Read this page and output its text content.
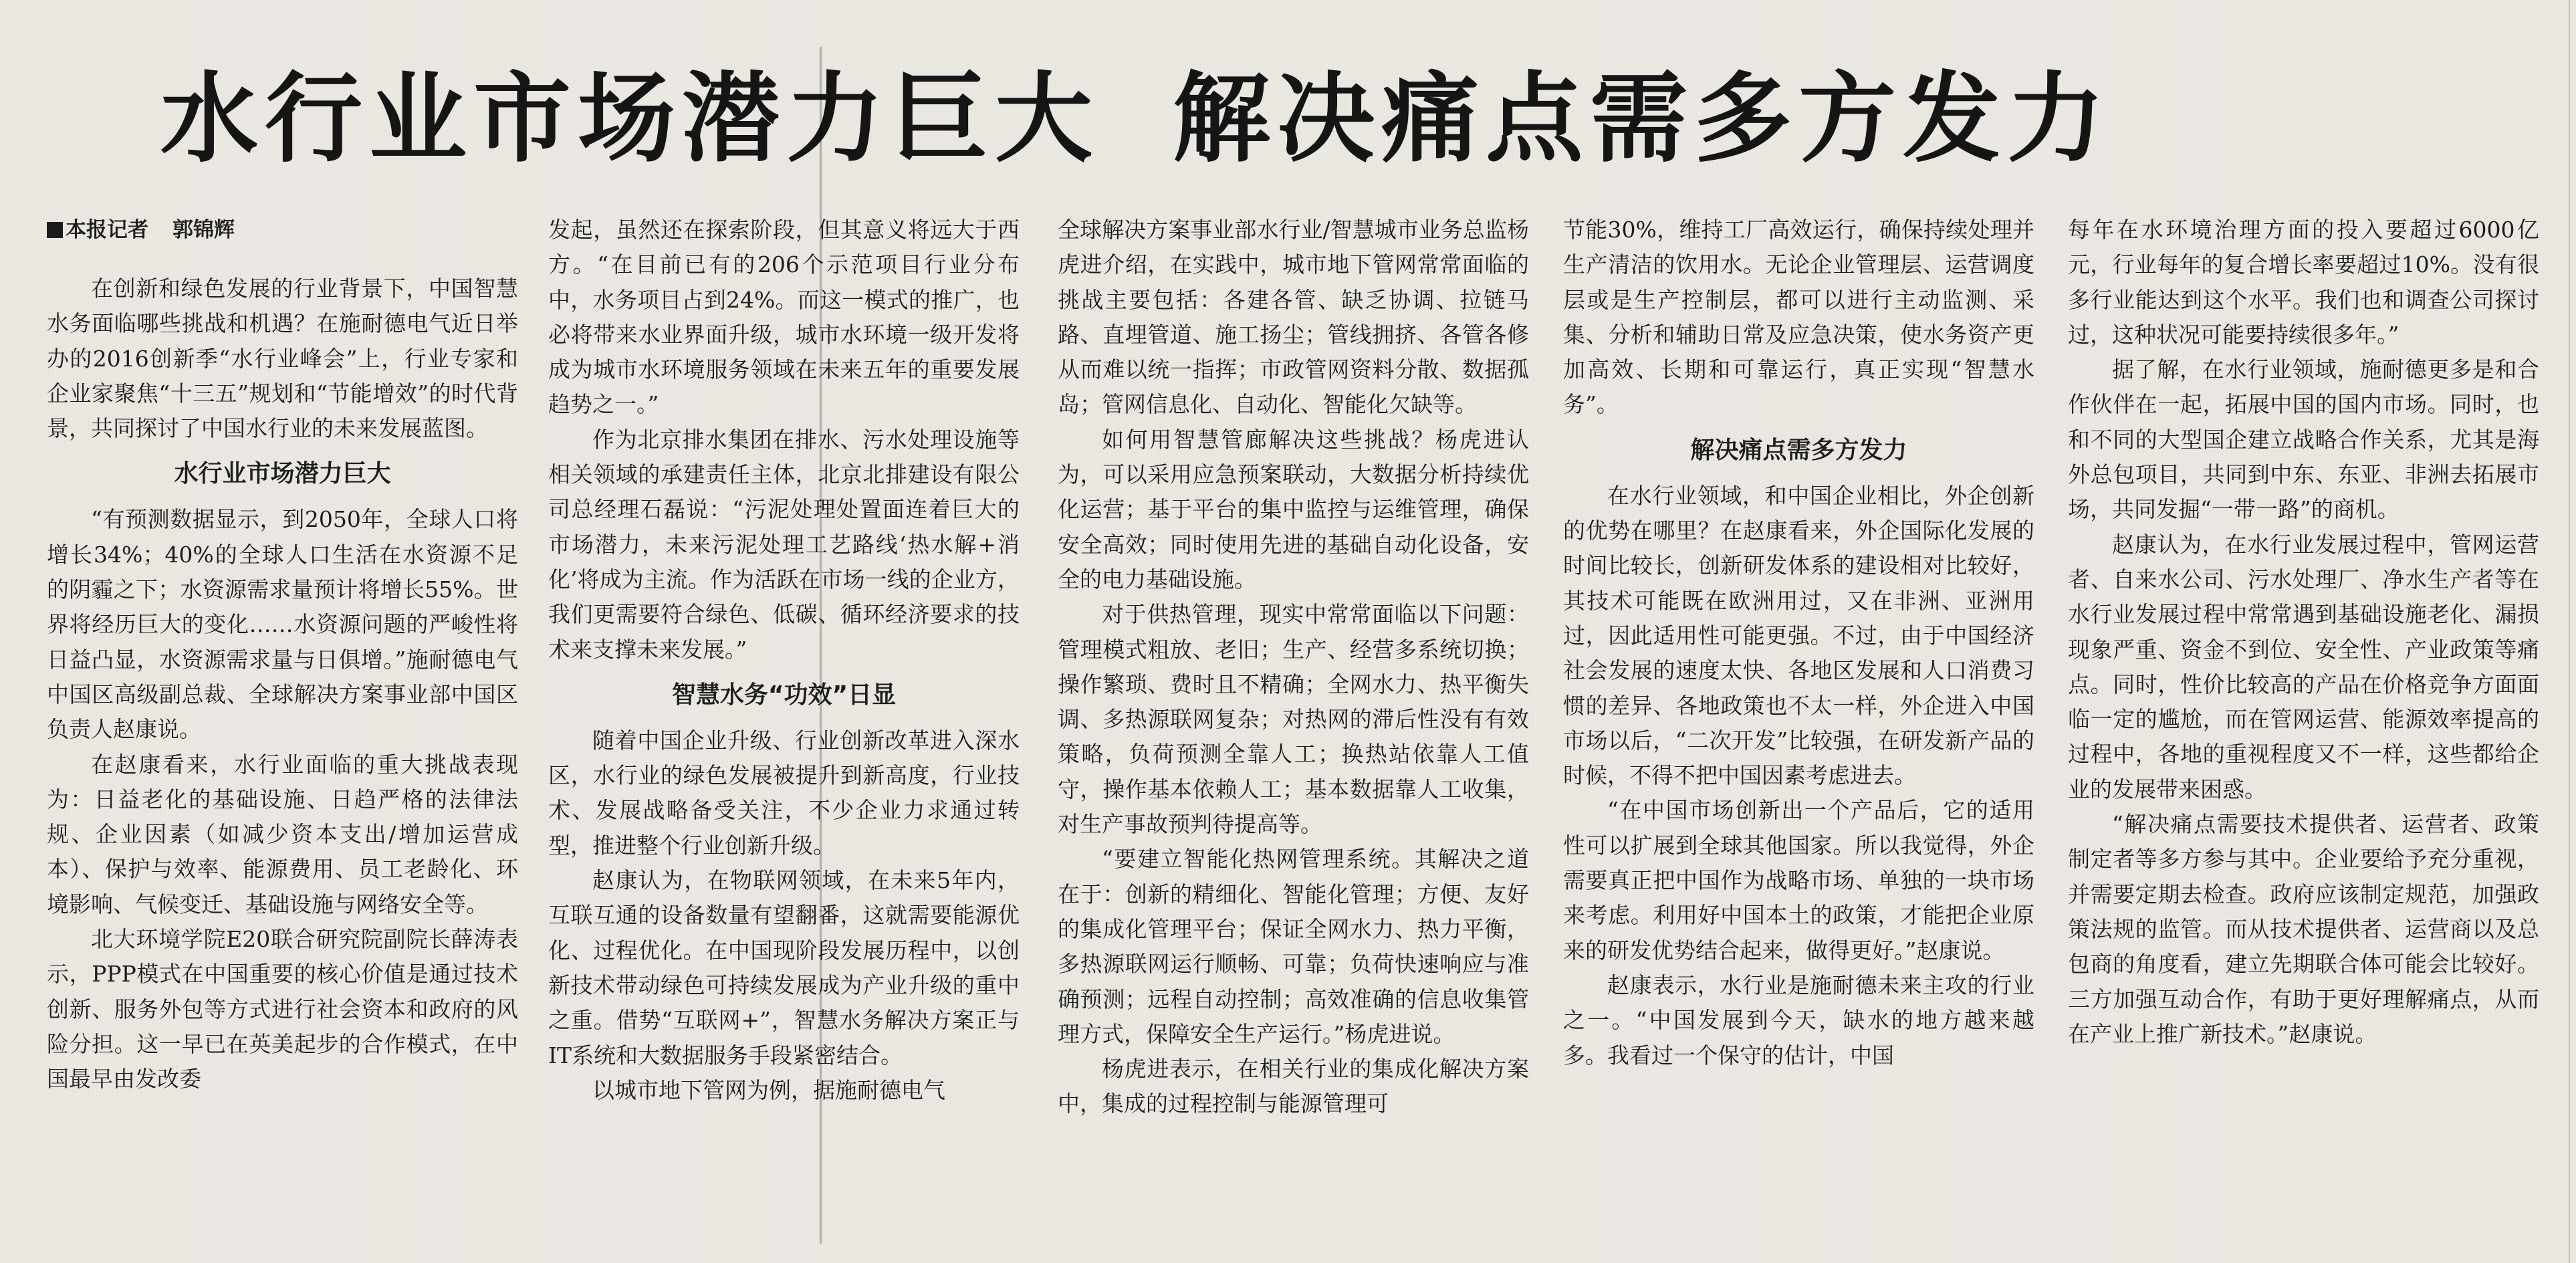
水行业市场潜力巨大 解决痛点需多方发力
本报记者 郭锦辉

在创新和绿色发展的行业背景下，中国智慧水务面临哪些挑战和机遇？在施耐德电气近日举办的2016创新季“水行业峰会”上，行业专家和企业家聚焦“十三五”规划和“节能增效”的时代背景，共同探讨了中国水行业的未来发展蓝图。

水行业市场潜力巨大

“有预测数据显示，到2050年，全球人口将增长34%；40%的全球人口生活在水资源不足的阴霾之下；水资源需求量预计将增长55%。世界将经历巨大的变化……水资源问题的严峻性将日益凸显，水资源需求量与日俱增。”施耐德电气中国区高级副总裁、全球解决方案事业部中国区负责人赵康说。

在赵康看来，水行业面临的重大挑战表现为：日益老化的基础设施、日趋严格的法律法规、企业因素（如减少资本支出/增加运营成本）、保护与效率、能源费用、员工老龄化、环境影响、气候变迁、基础设施与网络安全等。

北大环境学院E20联合研究院副院长薛涛表示，PPP模式在中国重要的核心价值是通过技术创新、服务外包等方式进行社会资本和政府的风险分担。这一早已在英美起步的合作模式，在中国最早由发改委

发起，虽然还在探索阶段，但其意义将远大于西方。“在目前已有的206个示范项目行业分布中，水务项目占到24%。而这一模式的推广，也必将带来水业界面升级，城市水环境一级开发将成为城市水环境服务领域在未来五年的重要发展趋势之一。”

作为北京排水集团在排水、污水处理设施等相关领域的承建责任主体，北京北排建设有限公司总经理石磊说：“污泥处理处置面连着巨大的市场潜力，未来污泥处理工艺路线‘热水解+消化’将成为主流。作为活跃在市场一线的企业方，我们更需要符合绿色、低碳、循环经济要求的技术来支撑未来发展。”

智慧水务“功效”日显

随着中国企业升级、行业创新改革进入深水区，水行业的绿色发展被提升到新高度，行业技术、发展战略备受关注，不少企业力求通过转型，推进整个行业创新升级。

赵康认为，在物联网领域，在未来5年内，互联互通的设备数量有望翻番，这就需要能源优化、过程优化。在中国现阶段发展历程中，以创新技术带动绿色可持续发展成为产业升级的重中之重。借势“互联网+”，智慧水务解决方案正与IT系统和大数据服务手段紧密结合。

以城市地下管网为例，据施耐德电气

全球解决方案事业部水行业/智慧城市业务总监杨虎进介绍，在实践中，城市地下管网常常面临的挑战主要包括：各建各管、缺乏协调、拉链马路、直埋管道、施工扬尘；管线拥挤、各管各修从而难以统一指挥；市政管网资料分散、数据孤岛；管网信息化、自动化、智能化欠缺等。

如何用智慧管廊解决这些挑战？杨虎进认为，可以采用应急预案联动，大数据分析持续优化运营；基于平台的集中监控与运维管理，确保安全高效；同时使用先进的基础自动化设备，安全的电力基础设施。

对于供热管理，现实中常常面临以下问题：管理模式粗放、老旧；生产、经营多系统切换；操作繁琐、费时且不精确；全网水力、热平衡失调、多热源联网复杂；对热网的滞后性没有有效策略，负荷预测全靠人工；换热站依靠人工值守，操作基本依赖人工；基本数据靠人工收集，对生产事故预判待提高等。

“要建立智能化热网管理系统。其解决之道在于：创新的精细化、智能化管理；方便、友好的集成化管理平台；保证全网水力、热力平衡，多热源联网运行顺畅、可靠；负荷快速响应与准确预测；远程自动控制；高效准确的信息收集管理方式，保障安全生产运行。”杨虎进说。

杨虎进表示，在相关行业的集成化解决方案中，集成的过程控制与能源管理可

节能30%，维持工厂高效运行，确保持续处理并生产清洁的饮用水。无论企业管理层、运营调度层或是生产控制层，都可以进行主动监测、采集、分析和辅助日常及应急决策，使水务资产更加高效、长期和可靠运行，真正实现“智慧水务”。

解决痛点需多方发力

在水行业领域，和中国企业相比，外企创新的优势在哪里？在赵康看来，外企国际化发展的时间比较长，创新研发体系的建设相对比较好，其技术可能既在欧洲用过，又在非洲、亚洲用过，因此适用性可能更强。不过，由于中国经济社会发展的速度太快、各地区发展和人口消费习惯的差异、各地政策也不太一样，外企进入中国市场以后，“二次开发”比较强，在研发新产品的时候，不得不把中国因素考虑进去。

“在中国市场创新出一个产品后，它的适用性可以扩展到全球其他国家。所以我觉得，外企需要真正把中国作为战略市场、单独的一块市场来考虑。利用好中国本土的政策，才能把企业原来的研发优势结合起来，做得更好。”赵康说。

赵康表示，水行业是施耐德未来主攻的行业之一。“中国发展到今天，缺水的地方越来越多。我看过一个保守的估计，中国

每年在水环境治理方面的投入要超过6000亿元，行业每年的复合增长率要超过10%。没有很多行业能达到这个水平。我们也和调查公司探讨过，这种状况可能要持续很多年。”

据了解，在水行业领域，施耐德更多是和合作伙伴在一起，拓展中国的国内市场。同时，也和不同的大型国企建立战略合作关系，尤其是海外总包项目，共同到中东、东亚、非洲去拓展市场，共同发掘“一带一路”的商机。

赵康认为，在水行业发展过程中，管网运营者、自来水公司、污水处理厂、净水生产者等在水行业发展过程中常常遇到基础设施老化、漏损现象严重、资金不到位、安全性、产业政策等痛点。同时，性价比较高的产品在价格竞争方面面临一定的尴尬，而在管网运营、能源效率提高的过程中，各地的重视程度又不一样，这些都给企业的发展带来困惑。

“解决痛点需要技术提供者、运营者、政策制定者等多方参与其中。企业要给予充分重视，并需要定期去检查。政府应该制定规范，加强政策法规的监管。而从技术提供者、运营商以及总包商的角度看，建立先期联合体可能会比较好。三方加强互动合作，有助于更好理解痛点，从而在产业上推广新技术。”赵康说。
